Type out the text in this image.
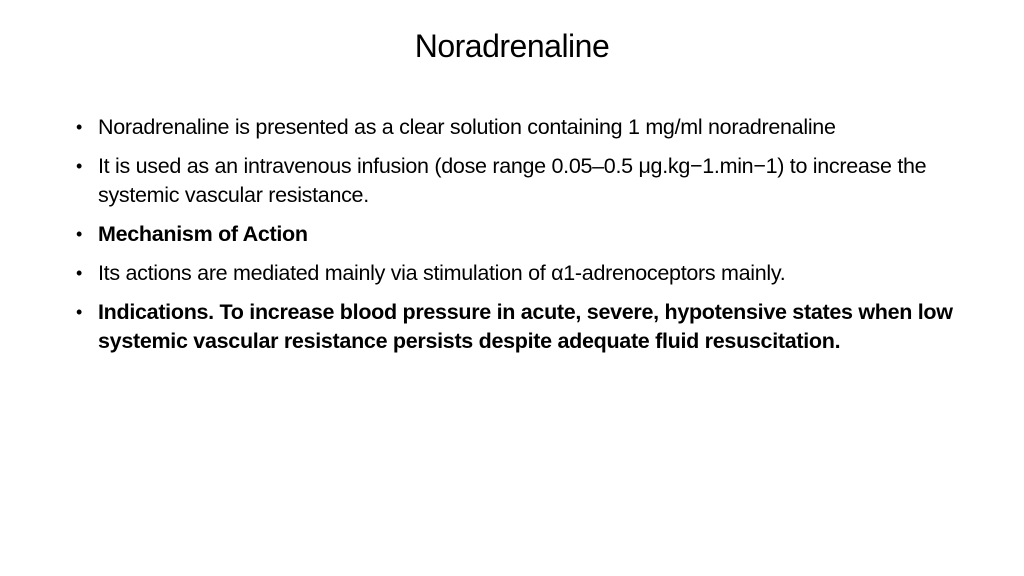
Noradrenaline
• Noradrenaline is presented as a clear solution containing 1 mg/ml noradrenaline
• It is used as an intravenous infusion (dose range 0.05–0.5 μg.kg−1.min−1) to increase the systemic vascular resistance.
• Mechanism of Action
• Its actions are mediated mainly via stimulation of α1-adrenoceptors mainly.
• Indications. To increase blood pressure in acute, severe, hypotensive states when low systemic vascular resistance persists despite adequate fluid resuscitation.
